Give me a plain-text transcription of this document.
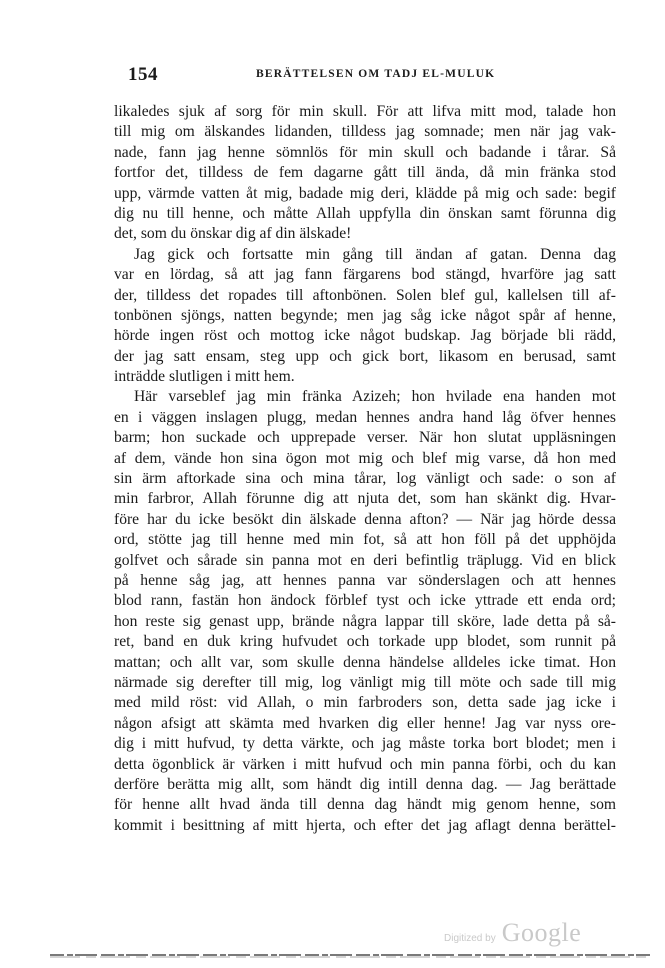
154	BERÄTTELSEN OM TADJ EL-MULUK
likaledes sjuk af sorg för min skull. För att lifva mitt mod, talade hon
till mig om älskandes lidanden, tilldess jag somnade; men när jag vak-
nade, fann jag henne sömnlös för min skull och badande i tårar. Så
fortfor det, tilldess de fem dagarne gått till ända, då min fränka stod
upp, värmde vatten åt mig, badade mig deri, klädde på mig och sade: begif
dig nu till henne, och måtte Allah uppfylla din önskan samt förunna dig
det, som du önskar dig af din älskade!
Jag gick och fortsatte min gång till ändan af gatan. Denna dag
var en lördag, så att jag fann färgarens bod stängd, hvarföre jag satt
der, tilldess det ropades till aftonbönen. Solen blef gul, kallelsen till af-
tonbönen sjöngs, natten begynde; men jag såg icke något spår af henne,
hörde ingen röst och mottog icke något budskap. Jag började bli rädd,
der jag satt ensam, steg upp och gick bort, likasom en berusad, samt
inträdde slutligen i mitt hem.
Här varseblef jag min fränka Azizeh; hon hvilade ena handen mot
en i väggen inslagen plugg, medan hennes andra hand låg öfver hennes
barm; hon suckade och upprepade verser. När hon slutat uppläsningen
af dem, vände hon sina ögon mot mig och blef mig varse, då hon med
sin ärm aftorkade sina och mina tårar, log vänligt och sade: o son af
min farbror, Allah förunne dig att njuta det, som han skänkt dig. Hvar-
före har du icke besökt din älskade denna afton? — När jag hörde dessa
ord, stötte jag till henne med min fot, så att hon föll på det upphöjda
golfvet och sårade sin panna mot en deri befintlig träplugg. Vid en blick
på henne såg jag, att hennes panna var sönderslagen och att hennes
blod rann, fastän hon ändock förblef tyst och icke yttrade ett enda ord;
hon reste sig genast upp, brände några lappar till sköre, lade detta på så-
ret, band en duk kring hufvudet och torkade upp blodet, som runnit på
mattan; och allt var, som skulle denna händelse alldeles icke timat. Hon
närmade sig derefter till mig, log vänligt mig till möte och sade till mig
med mild röst: vid Allah, o min farbroders son, detta sade jag icke i
någon afsigt att skämta med hvarken dig eller henne! Jag var nyss ore-
dig i mitt hufvud, ty detta värkte, och jag måste torka bort blodet; men i
detta ögonblick är värken i mitt hufvud och min panna förbi, och du kan
derföre berätta mig allt, som händt dig intill denna dag. — Jag berättade
för henne allt hvad ända till denna dag händt mig genom henne, som
kommit i besittning af mitt hjerta, och efter det jag aflagt denna berättel-
Digitized by Google
